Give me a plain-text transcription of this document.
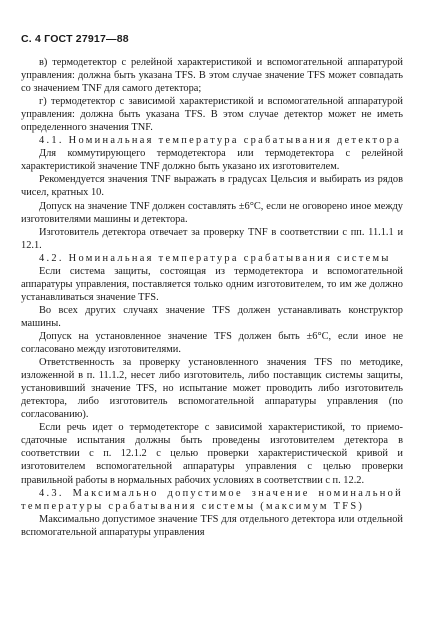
С. 4 ГОСТ 27917—88

в) термодетектор с релейной характеристикой и вспомогательной аппаратурой управления: должна быть указана TFS. В этом случае значение TFS может совпадать со значением TNF для самого детектора;

г) термодетектор с зависимой характеристикой и вспомогательной аппаратурой управления: должна быть указана TFS. В этом случае детектор может не иметь определенного значения TNF.

4.1. Номинальная температура срабатывания детектора

Для коммутирующего термодетектора или термодетектора с релейной характеристикой значение TNF должно быть указано их изготовителем.

Рекомендуется значения TNF выражать в градусах Цельсия и выбирать из рядов чисел, кратных 10.

Допуск на значение TNF должен составлять ±6°С, если не оговорено иное между изготовителями машины и детектора.

Изготовитель детектора отвечает за проверку TNF в соответствии с пп. 11.1.1 и 12.1.

4.2. Номинальная температура срабатывания системы

Если система защиты, состоящая из термодетектора и вспомогательной аппаратуры управления, поставляется только одним изготовителем, то им же должно устанавливаться значение TFS.

Во всех других случаях значение TFS должен устанавливать конструктор машины.

Допуск на установленное значение TFS должен быть ±6°С, если иное не согласовано между изготовителями.

Ответственность за проверку установленного значения TFS по методике, изложенной в п. 11.1.2, несет либо изготовитель, либо поставщик системы защиты, установивший значение TFS, но испытание может проводить либо изготовитель детектора, либо изготовитель вспомогательной аппаратуры управления (по согласованию).

Если речь идет о термодетекторе с зависимой характеристикой, то приемо-сдаточные испытания должны быть проведены изготовителем детектора в соответствии с п. 12.1.2 с целью проверки характеристической кривой и изготовителем вспомогательной аппаратуры управления с целью проверки правильной работы в нормальных рабочих условиях в соответствии с п. 12.2.

4.3. Максимально допустимое значение номинальной температуры срабатывания системы (максимум TFS)

Максимально допустимое значение TFS для отдельного детектора или отдельной вспомогательной аппаратуры управления
